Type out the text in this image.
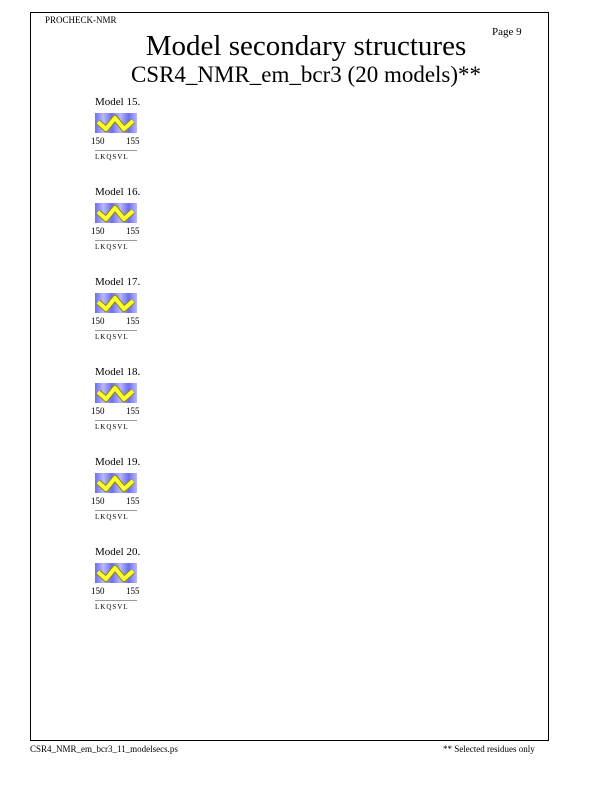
PROCHECK-NMR
Page 9
Model secondary structures
CSR4_NMR_em_bcr3 (20 models)**
Model 15.
150 155
LKQSVL
Model 16.
150 155
LKQSVL
Model 17.
150 155
LKQSVL
Model 18.
150 155
LKQSVL
Model 19.
150 155
LKQSVL
Model 20.
150 155
LKQSVL
CSR4_NMR_em_bcr3_11_modelsecs.ps	** Selected residues only
